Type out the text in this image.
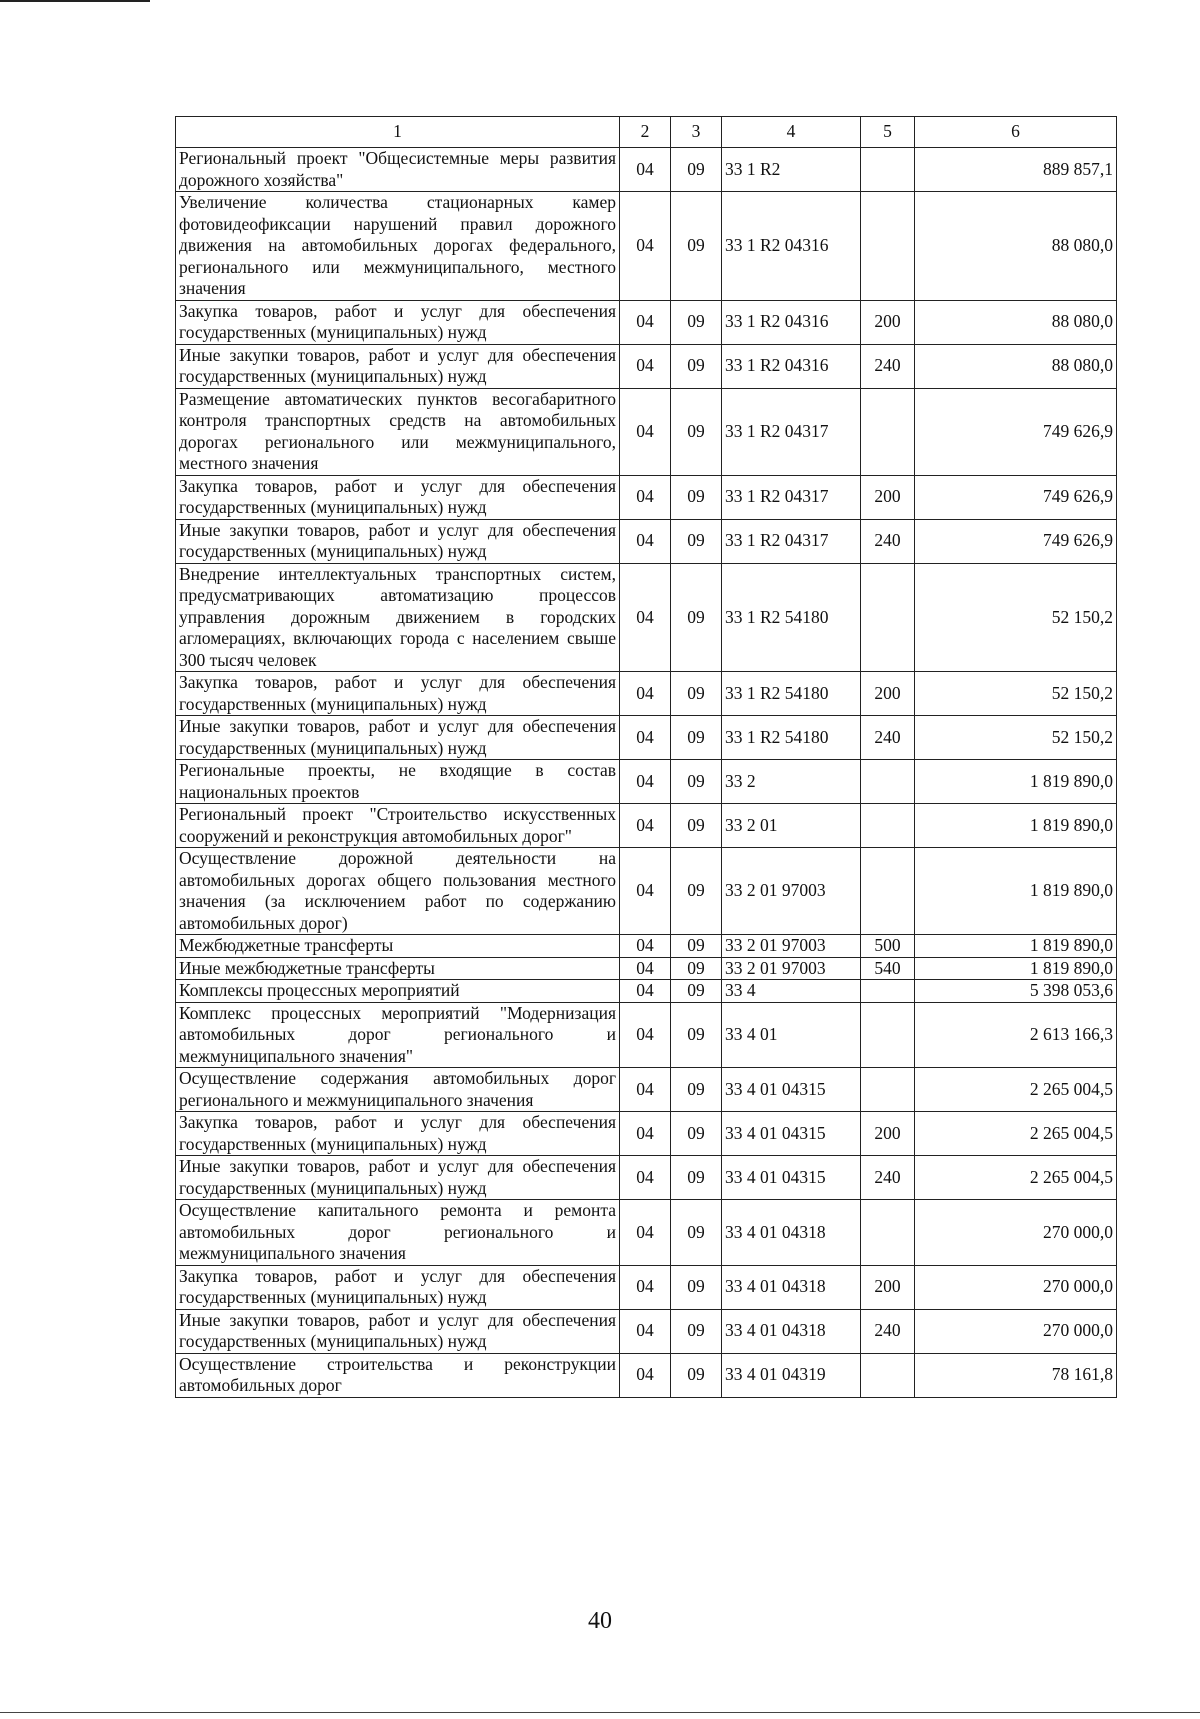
1	2	3	4	5	6
Региональный проект "Общесистемные меры развития дорожного хозяйства"	04	09	33 1 R2		889 857,1
Увеличение количества стационарных камер фотовидеофиксации нарушений правил дорожного движения на автомобильных дорогах федерального, регионального или межмуниципального, местного значения	04	09	33 1 R2 04316		88 080,0
Закупка товаров, работ и услуг для обеспечения государственных (муниципальных) нужд	04	09	33 1 R2 04316	200	88 080,0
Иные закупки товаров, работ и услуг для обеспечения государственных (муниципальных) нужд	04	09	33 1 R2 04316	240	88 080,0
Размещение автоматических пунктов весогабаритного контроля транспортных средств на автомобильных дорогах регионального или межмуниципального, местного значения	04	09	33 1 R2 04317		749 626,9
Закупка товаров, работ и услуг для обеспечения государственных (муниципальных) нужд	04	09	33 1 R2 04317	200	749 626,9
Иные закупки товаров, работ и услуг для обеспечения государственных (муниципальных) нужд	04	09	33 1 R2 04317	240	749 626,9
Внедрение интеллектуальных транспортных систем, предусматривающих автоматизацию процессов управления дорожным движением в городских агломерациях, включающих города с населением свыше 300 тысяч человек	04	09	33 1 R2 54180		52 150,2
Закупка товаров, работ и услуг для обеспечения государственных (муниципальных) нужд	04	09	33 1 R2 54180	200	52 150,2
Иные закупки товаров, работ и услуг для обеспечения государственных (муниципальных) нужд	04	09	33 1 R2 54180	240	52 150,2
Региональные проекты, не входящие в состав национальных проектов	04	09	33 2		1 819 890,0
Региональный проект "Строительство искусственных сооружений и реконструкция автомобильных дорог"	04	09	33 2 01		1 819 890,0
Осуществление дорожной деятельности на автомобильных дорогах общего пользования местного значения (за исключением работ по содержанию автомобильных дорог)	04	09	33 2 01 97003		1 819 890,0
Межбюджетные трансферты	04	09	33 2 01 97003	500	1 819 890,0
Иные межбюджетные трансферты	04	09	33 2 01 97003	540	1 819 890,0
Комплексы процессных мероприятий	04	09	33 4		5 398 053,6
Комплекс процессных мероприятий "Модернизация автомобильных дорог регионального и межмуниципального значения"	04	09	33 4 01		2 613 166,3
Осуществление содержания автомобильных дорог регионального и межмуниципального значения	04	09	33 4 01 04315		2 265 004,5
Закупка товаров, работ и услуг для обеспечения государственных (муниципальных) нужд	04	09	33 4 01 04315	200	2 265 004,5
Иные закупки товаров, работ и услуг для обеспечения государственных (муниципальных) нужд	04	09	33 4 01 04315	240	2 265 004,5
Осуществление капитального ремонта и ремонта автомобильных дорог регионального и межмуниципального значения	04	09	33 4 01 04318		270 000,0
Закупка товаров, работ и услуг для обеспечения государственных (муниципальных) нужд	04	09	33 4 01 04318	200	270 000,0
Иные закупки товаров, работ и услуг для обеспечения государственных (муниципальных) нужд	04	09	33 4 01 04318	240	270 000,0
Осуществление строительства и реконструкции автомобильных дорог	04	09	33 4 01 04319		78 161,8
40
